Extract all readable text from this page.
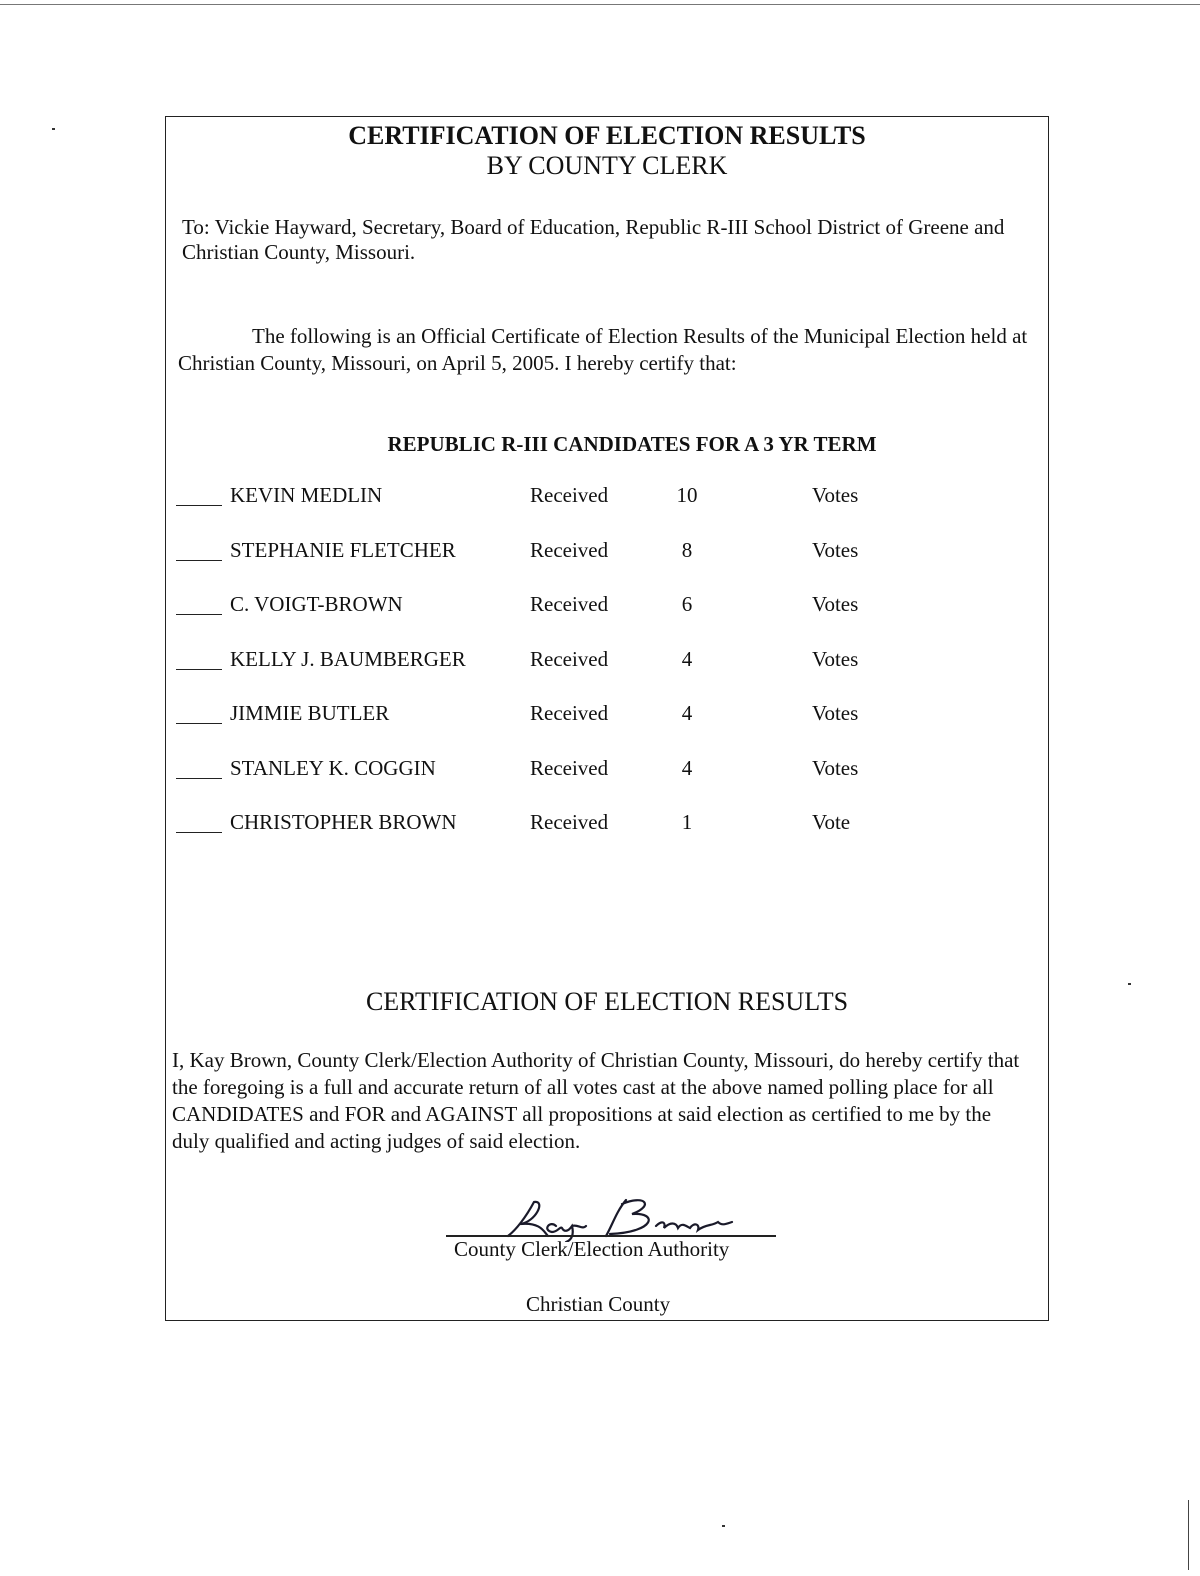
CERTIFICATION OF ELECTION RESULTS
BY COUNTY CLERK
To: Vickie Hayward, Secretary, Board of Education, Republic R-III School District of Greene and Christian County, Missouri.
The following is an Official Certificate of Election Results of the Municipal Election held at Christian County, Missouri, on April 5, 2005. I hereby certify that:
REPUBLIC R-III CANDIDATES FOR A 3 YR TERM
KEVIN MEDLIN	Received	10	Votes
STEPHANIE FLETCHER	Received	8	Votes
C. VOIGT-BROWN	Received	6	Votes
KELLY J. BAUMBERGER	Received	4	Votes
JIMMIE BUTLER	Received	4	Votes
STANLEY K. COGGIN	Received	4	Votes
CHRISTOPHER BROWN	Received	1	Vote
CERTIFICATION OF ELECTION RESULTS
I, Kay Brown, County Clerk/Election Authority of Christian County, Missouri, do hereby certify that the foregoing is a full and accurate return of all votes cast at the above named polling place for all CANDIDATES and FOR and AGAINST all propositions at said election as certified to me by the duly qualified and acting judges of said election.
County Clerk/Election Authority
Christian County
